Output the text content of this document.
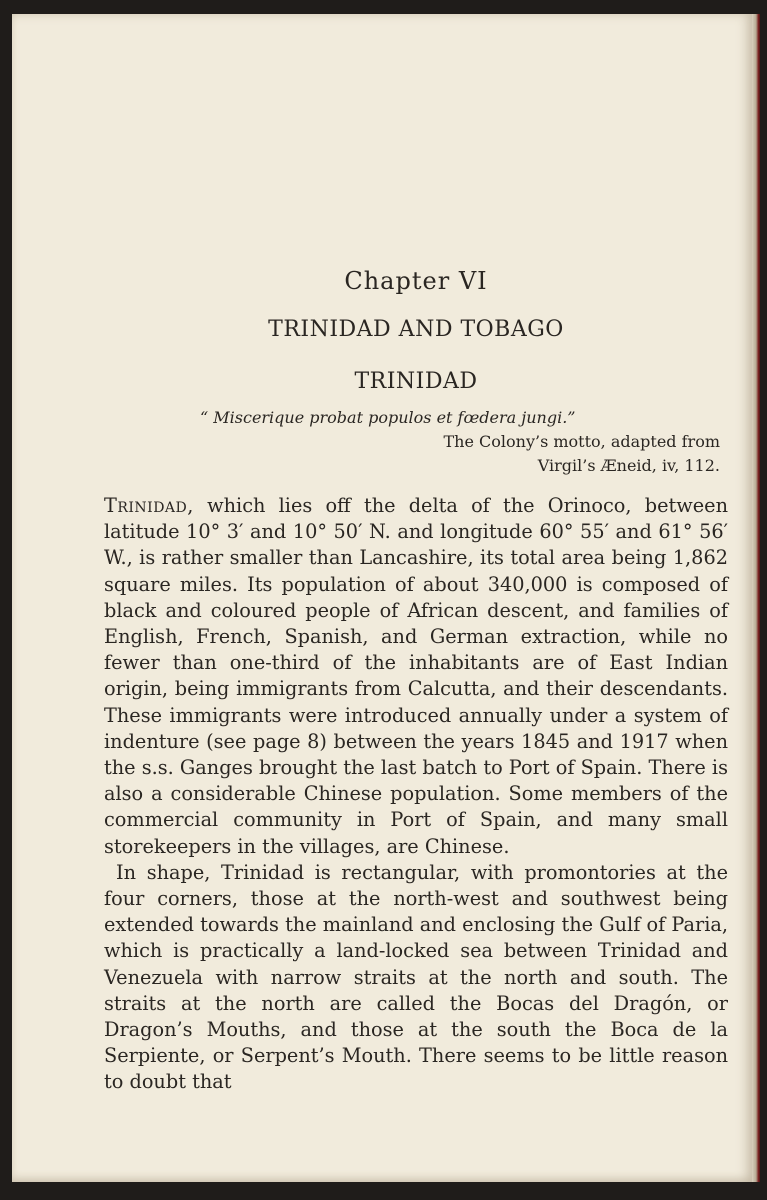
Chapter VI
TRINIDAD AND TOBAGO
TRINIDAD
“ Miscerique probat populos et fœdera jungi.”
The Colony’s motto, adapted from
Virgil’s Æneid, iv, 112.

Trinidad, which lies off the delta of the Orinoco, between latitude 10° 3′ and 10° 50′ N. and longitude 60° 55′ and 61° 56′ W., is rather smaller than Lancashire, its total area being 1,862 square miles. Its population of about 340,000 is composed of black and coloured people of African descent, and families of English, French, Spanish, and German extraction, while no fewer than one-third of the inhabitants are of East Indian origin, being immigrants from Calcutta, and their descendants. These immigrants were introduced annually under a system of indenture (see page 8) between the years 1845 and 1917 when the s.s. Ganges brought the last batch to Port of Spain. There is also a considerable Chinese population. Some members of the commercial community in Port of Spain, and many small storekeepers in the villages, are Chinese.

In shape, Trinidad is rectangular, with promontories at the four corners, those at the north-west and southwest being extended towards the mainland and enclosing the Gulf of Paria, which is practically a land-locked sea between Trinidad and Venezuela with narrow straits at the north and south. The straits at the north are called the Bocas del Dragón, or Dragon’s Mouths, and those at the south the Boca de la Serpiente, or Serpent’s Mouth. There seems to be little reason to doubt that
